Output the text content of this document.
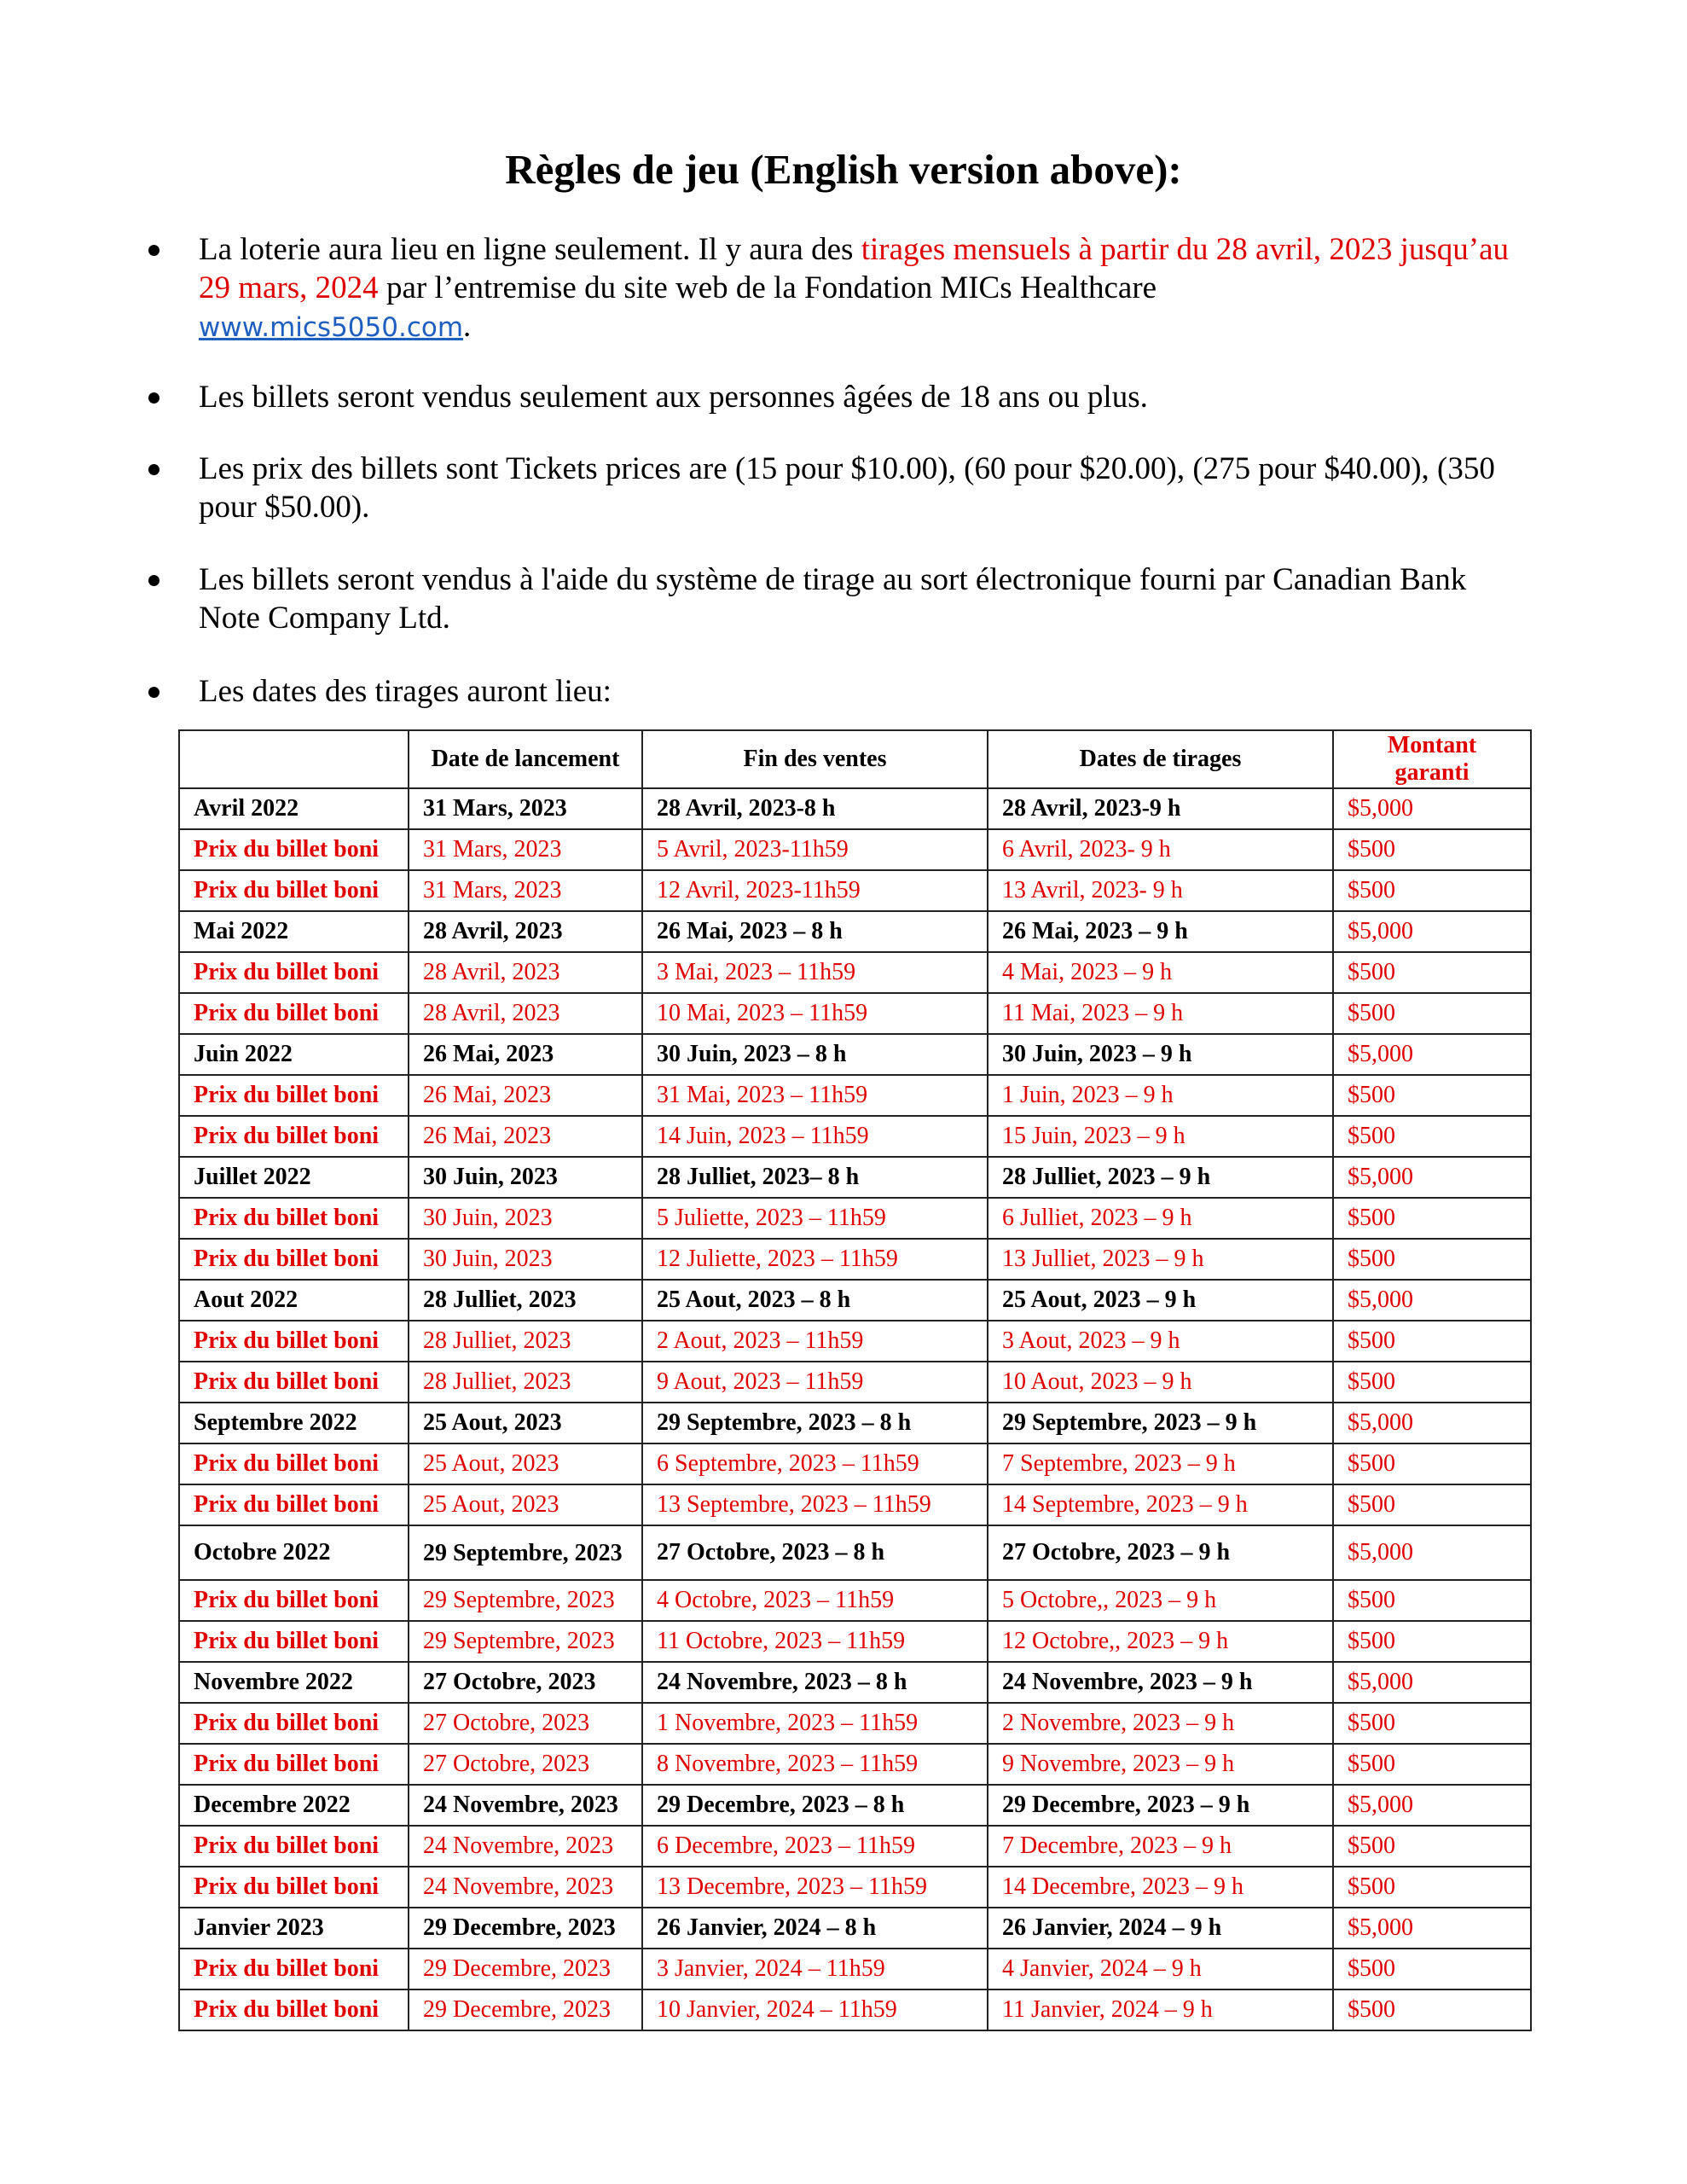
Règles de jeu (English version above):
La loterie aura lieu en ligne seulement. Il y aura des tirages mensuels à partir du 28 avril, 2023 jusqu’au 29 mars, 2024 par l’entremise du site web de la Fondation MICs Healthcare
www.mics5050.com.
Les billets seront vendus seulement aux personnes âgées de 18 ans ou plus.
Les prix des billets sont Tickets prices are (15 pour $10.00), (60 pour $20.00), (275 pour $40.00), (350 pour $50.00).
Les billets seront vendus à l'aide du système de tirage au sort électronique fourni par Canadian Bank Note Company Ltd.
Les dates des tirages auront lieu:
	Date de lancement	Fin des ventes	Dates de tirages	Montant garanti
Avril 2022	31 Mars, 2023	28 Avril, 2023-8 h	28 Avril, 2023-9 h	$5,000
Prix du billet boni	31 Mars, 2023	5 Avril, 2023-11h59	6 Avril, 2023- 9 h	$500
Prix du billet boni	31 Mars, 2023	12 Avril, 2023-11h59	13 Avril, 2023- 9 h	$500
Mai 2022	28 Avril, 2023	26 Mai, 2023 – 8 h	26 Mai, 2023 – 9 h	$5,000
Prix du billet boni	28 Avril, 2023	3 Mai, 2023 – 11h59	4 Mai, 2023 – 9 h	$500
Prix du billet boni	28 Avril, 2023	10 Mai, 2023 – 11h59	11 Mai, 2023 – 9 h	$500
Juin 2022	26 Mai, 2023	30 Juin, 2023 – 8 h	30 Juin, 2023 – 9 h	$5,000
Prix du billet boni	26 Mai, 2023	31 Mai, 2023 – 11h59	1 Juin, 2023 – 9 h	$500
Prix du billet boni	26 Mai, 2023	14 Juin, 2023 – 11h59	15 Juin, 2023 – 9 h	$500
Juillet 2022	30 Juin, 2023	28 Julliet, 2023– 8 h	28 Julliet, 2023 – 9 h	$5,000
Prix du billet boni	30 Juin, 2023	5 Juliette, 2023 – 11h59	6 Julliet, 2023 – 9 h	$500
Prix du billet boni	30 Juin, 2023	12 Juliette, 2023 – 11h59	13 Julliet, 2023 – 9 h	$500
Aout 2022	28 Julliet, 2023	25 Aout, 2023 – 8 h	25 Aout, 2023 – 9 h	$5,000
Prix du billet boni	28 Julliet, 2023	2 Aout, 2023 – 11h59	3 Aout, 2023 – 9 h	$500
Prix du billet boni	28 Julliet, 2023	9 Aout, 2023 – 11h59	10 Aout, 2023 – 9 h	$500
Septembre 2022	25 Aout, 2023	29 Septembre, 2023 – 8 h	29 Septembre, 2023 – 9 h	$5,000
Prix du billet boni	25 Aout, 2023	6 Septembre, 2023 – 11h59	7 Septembre, 2023 – 9 h	$500
Prix du billet boni	25 Aout, 2023	13 Septembre, 2023 – 11h59	14 Septembre, 2023 – 9 h	$500
Octobre 2022	29 Septembre, 2023	27 Octobre, 2023 – 8 h	27 Octobre, 2023 – 9 h	$5,000
Prix du billet boni	29 Septembre, 2023	4 Octobre, 2023 – 11h59	5 Octobre,, 2023 – 9 h	$500
Prix du billet boni	29 Septembre, 2023	11 Octobre, 2023 – 11h59	12 Octobre,, 2023 – 9 h	$500
Novembre 2022	27 Octobre, 2023	24 Novembre, 2023 – 8 h	24 Novembre, 2023 – 9 h	$5,000
Prix du billet boni	27 Octobre, 2023	1 Novembre, 2023 – 11h59	2 Novembre, 2023 – 9 h	$500
Prix du billet boni	27 Octobre, 2023	8 Novembre, 2023 – 11h59	9 Novembre, 2023 – 9 h	$500
Decembre 2022	24 Novembre, 2023	29 Decembre, 2023 – 8 h	29 Decembre, 2023 – 9 h	$5,000
Prix du billet boni	24 Novembre, 2023	6 Decembre, 2023 – 11h59	7 Decembre, 2023 – 9 h	$500
Prix du billet boni	24 Novembre, 2023	13 Decembre, 2023 – 11h59	14 Decembre, 2023 – 9 h	$500
Janvier 2023	29 Decembre, 2023	26 Janvier, 2024 – 8 h	26 Janvier, 2024 – 9 h	$5,000
Prix du billet boni	29 Decembre, 2023	3 Janvier, 2024 – 11h59	4 Janvier, 2024 – 9 h	$500
Prix du billet boni	29 Decembre, 2023	10 Janvier, 2024 – 11h59	11 Janvier, 2024 – 9 h	$500
